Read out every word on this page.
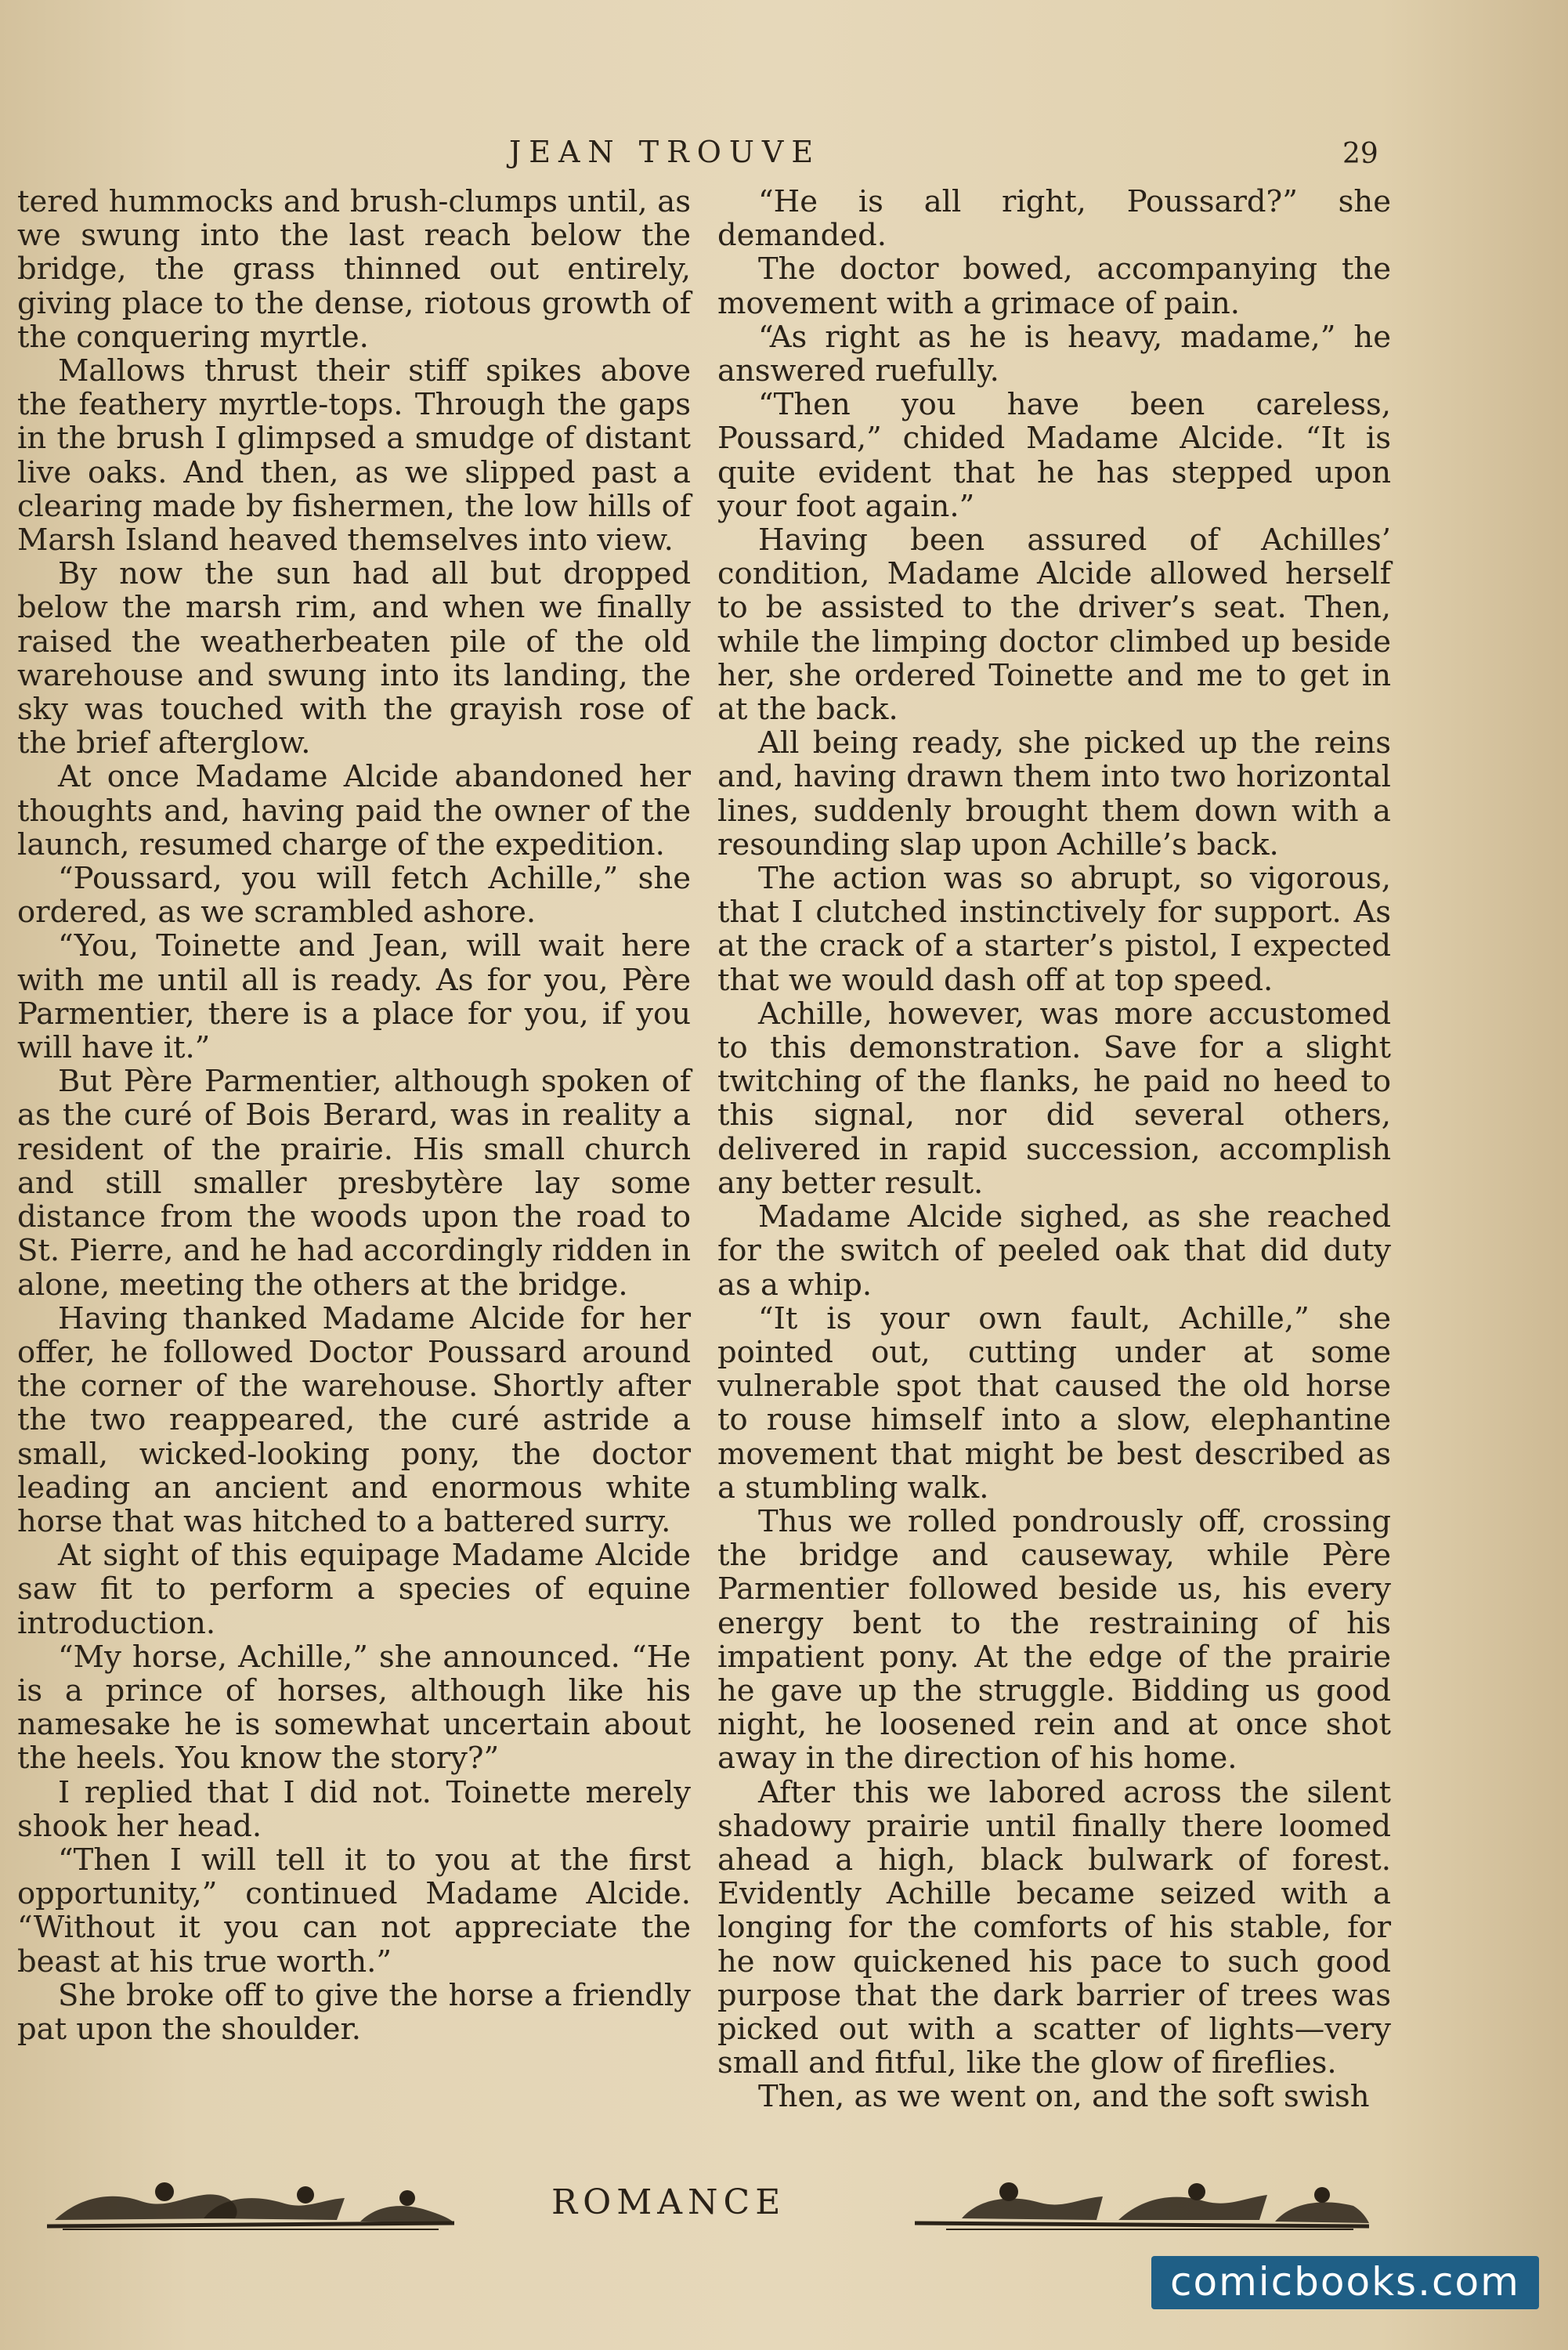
JEAN TROUVE	29

tered hummocks and brush-clumps until, as we swung into the last reach below the bridge, the grass thinned out entirely, giving place to the dense, riotous growth of the conquering myrtle.

Mallows thrust their stiff spikes above the feathery myrtle-tops. Through the gaps in the brush I glimpsed a smudge of distant live oaks. And then, as we slipped past a clearing made by fishermen, the low hills of Marsh Island heaved themselves into view.

By now the sun had all but dropped below the marsh rim, and when we finally raised the weatherbeaten pile of the old warehouse and swung into its landing, the sky was touched with the grayish rose of the brief afterglow.

At once Madame Alcide abandoned her thoughts and, having paid the owner of the launch, resumed charge of the expedition.

“Poussard, you will fetch Achille,” she ordered, as we scrambled ashore.

“You, Toinette and Jean, will wait here with me until all is ready. As for you, Père Parmentier, there is a place for you, if you will have it.”

But Père Parmentier, although spoken of as the curé of Bois Berard, was in reality a resident of the prairie. His small church and still smaller presbytère lay some distance from the woods upon the road to St. Pierre, and he had accordingly ridden in alone, meeting the others at the bridge.

Having thanked Madame Alcide for her offer, he followed Doctor Poussard around the corner of the warehouse. Shortly after the two reappeared, the curé astride a small, wicked-looking pony, the doctor leading an ancient and enormous white horse that was hitched to a battered surry.

At sight of this equipage Madame Alcide saw fit to perform a species of equine introduction.

“My horse, Achille,” she announced. “He is a prince of horses, although like his namesake he is somewhat uncertain about the heels. You know the story?”

I replied that I did not. Toinette merely shook her head.

“Then I will tell it to you at the first opportunity,” continued Madame Alcide. “Without it you can not appreciate the beast at his true worth.”

She broke off to give the horse a friendly pat upon the shoulder.

“He is all right, Poussard?” she demanded.

The doctor bowed, accompanying the movement with a grimace of pain.

“As right as he is heavy, madame,” he answered ruefully.

“Then you have been careless, Poussard,” chided Madame Alcide. “It is quite evident that he has stepped upon your foot again.”

Having been assured of Achilles’ condition, Madame Alcide allowed herself to be assisted to the driver’s seat. Then, while the limping doctor climbed up beside her, she ordered Toinette and me to get in at the back.

All being ready, she picked up the reins and, having drawn them into two horizontal lines, suddenly brought them down with a resounding slap upon Achille’s back.

The action was so abrupt, so vigorous, that I clutched instinctively for support. As at the crack of a starter’s pistol, I expected that we would dash off at top speed.

Achille, however, was more accustomed to this demonstration. Save for a slight twitching of the flanks, he paid no heed to this signal, nor did several others, delivered in rapid succession, accomplish any better result.

Madame Alcide sighed, as she reached for the switch of peeled oak that did duty as a whip.

“It is your own fault, Achille,” she pointed out, cutting under at some vulnerable spot that caused the old horse to rouse himself into a slow, elephantine movement that might be best described as a stumbling walk.

Thus we rolled pondrously off, crossing the bridge and causeway, while Père Parmentier followed beside us, his every energy bent to the restraining of his impatient pony. At the edge of the prairie he gave up the struggle. Bidding us good night, he loosened rein and at once shot away in the direction of his home.

After this we labored across the silent shadowy prairie until finally there loomed ahead a high, black bulwark of forest. Evidently Achille became seized with a longing for the comforts of his stable, for he now quickened his pace to such good purpose that the dark barrier of trees was picked out with a scatter of lights—very small and fitful, like the glow of fireflies.

Then, as we went on, and the soft swish

ROMANCE
comicbooks.com
